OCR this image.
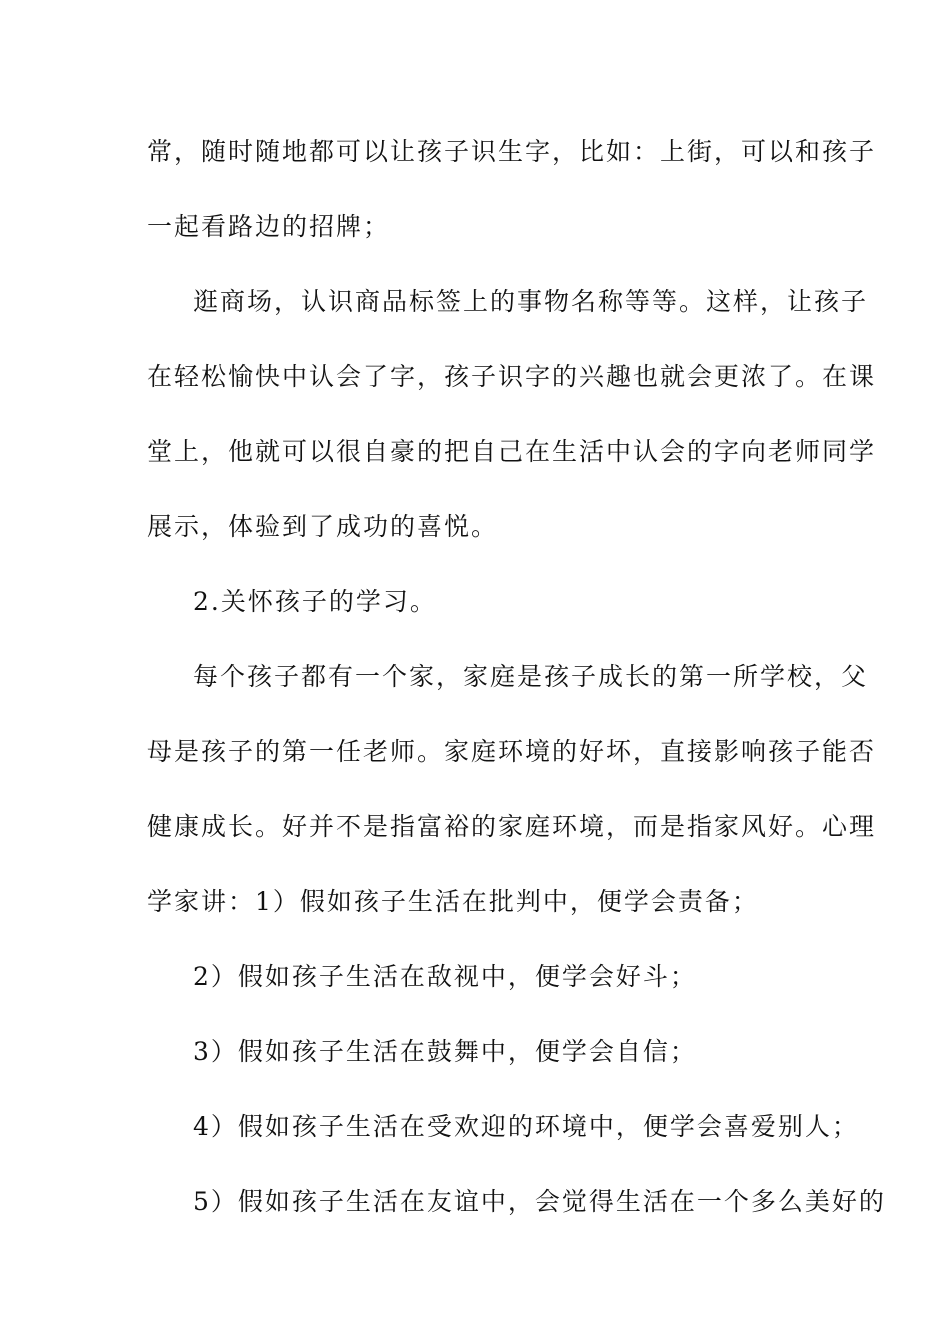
常，随时随地都可以让孩子识生字，比如：上街，可以和孩子
一起看路边的招牌；
逛商场，认识商品标签上的事物名称等等。这样，让孩子
在轻松愉快中认会了字，孩子识字的兴趣也就会更浓了。在课
堂上，他就可以很自豪的把自己在生活中认会的字向老师同学
展示，体验到了成功的喜悦。
2.关怀孩子的学习。
每个孩子都有一个家，家庭是孩子成长的第一所学校，父
母是孩子的第一任老师。家庭环境的好坏，直接影响孩子能否
健康成长。好并不是指富裕的家庭环境，而是指家风好。心理
学家讲：1）假如孩子生活在批判中，便学会责备；
2）假如孩子生活在敌视中，便学会好斗；
3）假如孩子生活在鼓舞中，便学会自信；
4）假如孩子生活在受欢迎的环境中，便学会喜爱别人；
5）假如孩子生活在友谊中，会觉得生活在一个多么美好的
